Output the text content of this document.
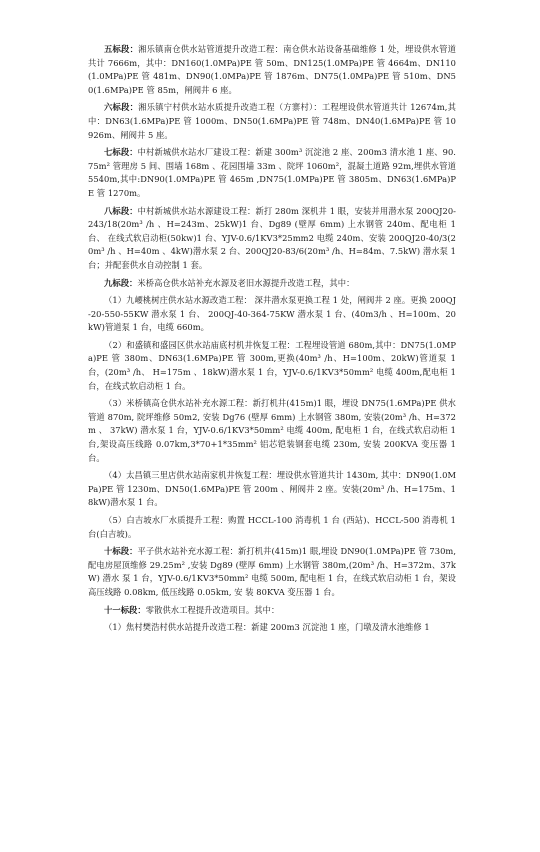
五标段：湘乐镇南仓供水站管道提升改造工程：南仓供水站设备基础维修 1 处，埋设供水管道共计 7666m，其中：DN160(1.0MPa)PE 管 50m、DN125(1.0MPa)PE 管 4664m、DN110(1.0MPa)PE 管 481m、DN90(1.0MPa)PE 管 1876m、DN75(1.0MPa)PE 管 510m、DN50(1.6MPa)PE 管 85m，闸阀井 6 座。

六标段：湘乐镇宁村供水站水质提升改造工程（方寨村）：工程埋设供水管道共计 12674m,其中：DN63(1.6MPa)PE 管 1000m、DN50(1.6MPa)PE 管 748m、DN40(1.6MPa)PE 管 10926m、闸阀井 5 座。

七标段：中村新城供水站水厂建设工程：新建 300m³ 沉淀池 2 座、200m3 清水池 1 座、90.75m² 管理房 5 间、围墙 168m 、花园围墙 33m 、院坪 1060m²，混凝土道路 92m,埋供水管道 5540m,其中:DN90(1.0MPa)PE 管 465m ,DN75(1.0MPa)PE 管 3805m、DN63(1.6MPa)PE 管 1270m。

八标段：中村新城供水站水源建设工程：新打 280m 深机井 1 眼，安装并用潜水泵 200QJ20-243/18(20m³ /h 、H=243m、25kW)1 台、Dg89 (壁厚 6mm) 上水钢管 240m、配电柜 1 台、 在线式软启动柜(50kw)1 台、YJV-0.6/1KV3*25mm2 电缆 240m、安装 200QJ20-40/3(20m³ /h 、H=40m 、4kW)潜水泵 2 台、200QJ20-83/6(20m³ /h、H=84m、7.5kW) 潜水泵 1 台；并配套供水自动控制 1 套。

九标段：米桥高仓供水站补充水源及老旧水源提升改造工程，其中：

（1）九崾桃树庄供水站水源改造工程： 深井潜水泵更换工程 1 处，闸阀井 2 座。更换 200QJ-20-550-55KW 潜水泵 1 台、 200QJ-40-364-75KW 潜水泵 1 台、(40m3/h 、H=100m、20kW)管道泵 1 台，电缆 660m。

（2）和盛镇和盛园区供水站庙底村机井恢复工程：工程埋设管道 680m,其中：DN75(1.0MPa)PE 管 380m、DN63(1.6MPa)PE 管 300m,更换(40m³ /h、H=100m、20kW)管道泵 1 台，(20m³ /h、 H=175m 、18kW)潜水泵 1 台，YJV-0.6/1KV3*50mm² 电缆 400m,配电柜 1 台，在线式软启动柜 1 台。

（3）米桥镇高仓供水站补充水源工程：新打机井(415m)1 眼，埋设 DN75(1.6MPa)PE 供水管道 870m, 院坪维修 50m2, 安装 Dg76 (壁厚 6mm) 上水钢管 380m, 安装(20m³ /h、H=372m 、 37kW) 潜水泵 1 台，YJV-0.6/1KV3*50mm² 电缆 400m, 配电柜 1 台，在线式软启动柜 1 台,架设高压线路 0.07km,3*70+1*35mm² 铝芯铠装钢套电缆 230m, 安装 200KVA 变压器 1 台。

（4）太昌镇三里店供水站南家机井恢复工程：埋设供水管道共计 1430m, 其中：DN90(1.0MPa)PE 管 1230m、DN50(1.6MPa)PE 管 200m 、闸阀井 2 座。安装(20m³ /h、H=175m、18kW)潜水泵 1 台。

（5）白吉坡水厂水质提升工程：购置 HCCL-100 消毒机 1 台 (西站)、HCCL-500 消毒机 1 台(白吉坡)。

十标段：平子供水站补充水源工程：新打机井(415m)1 眼,埋设 DN90(1.0MPa)PE 管 730m,配电房屋顶维修 29.25m² ,安装 Dg89 (壁厚 6mm) 上水钢管 380m,(20m³ /h、H=372m、37kW) 潜水 泵 1 台，YJV-0.6/1KV3*50mm² 电缆 500m, 配电柜 1 台，在线式软启动柜 1 台，架设高压线路 0.08km, 低压线路 0.05km, 安 装 80KVA 变压器 1 台。

十一标段：零散供水工程提升改造项目。其中：

（1）焦村樊浩村供水站提升改造工程：新建 200m3 沉淀池 1 座，门墩及清水池维修 1
